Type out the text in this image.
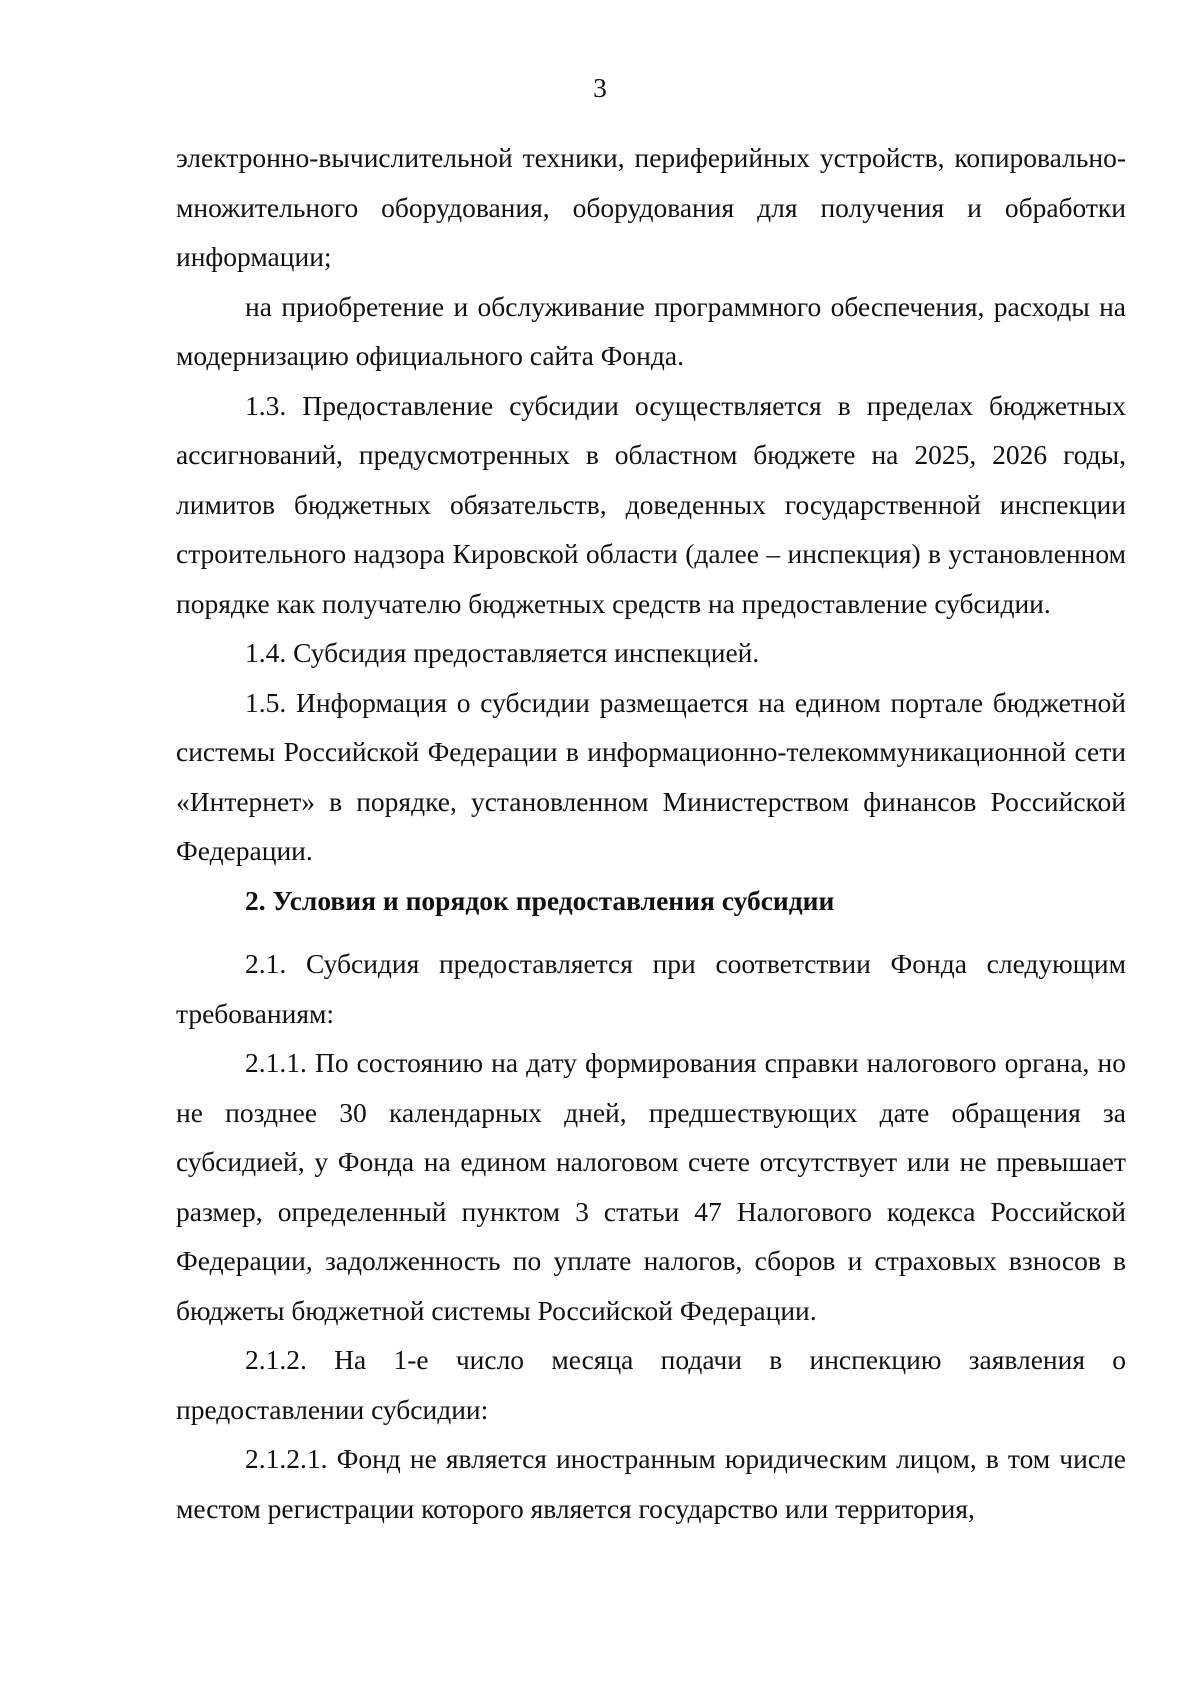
3

электронно-вычислительной техники, периферийных устройств, копировально-множительного оборудования, оборудования для получения и обработки информации;

на приобретение и обслуживание программного обеспечения, расходы на модернизацию официального сайта Фонда.

1.3. Предоставление субсидии осуществляется в пределах бюджетных ассигнований, предусмотренных в областном бюджете на 2025, 2026 годы, лимитов бюджетных обязательств, доведенных государственной инспекции строительного надзора Кировской области (далее – инспекция) в установленном порядке как получателю бюджетных средств на предоставление субсидии.

1.4. Субсидия предоставляется инспекцией.

1.5. Информация о субсидии размещается на едином портале бюджетной системы Российской Федерации в информационно-телекоммуникационной сети «Интернет» в порядке, установленном Министерством финансов Российской Федерации.

2. Условия и порядок предоставления субсидии

2.1. Субсидия предоставляется при соответствии Фонда следующим требованиям:

2.1.1. По состоянию на дату формирования справки налогового органа, но не позднее 30 календарных дней, предшествующих дате обращения за субсидией, у Фонда на едином налоговом счете отсутствует или не превышает размер, определенный пунктом 3 статьи 47 Налогового кодекса Российской Федерации, задолженность по уплате налогов, сборов и страховых взносов в бюджеты бюджетной системы Российской Федерации.

2.1.2. На 1-е число месяца подачи в инспекцию заявления о предоставлении субсидии:

2.1.2.1. Фонд не является иностранным юридическим лицом, в том числе местом регистрации которого является государство или территория,
